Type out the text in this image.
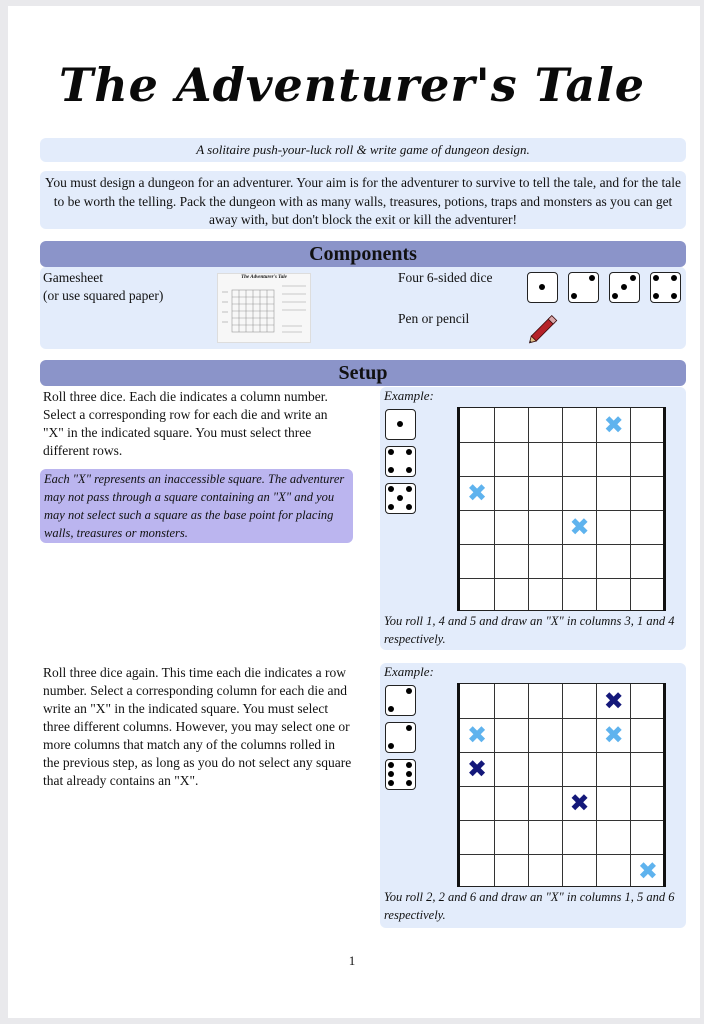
The Adventurer's Tale
A solitaire push-your-luck roll & write game of dungeon design.
You must design a dungeon for an adventurer. Your aim is for the adventurer to survive to tell the tale, and for the tale to be worth the telling. Pack the dungeon with as many walls, treasures, potions, traps and monsters as you can get away with, but don't block the exit or kill the adventurer!
Components
Gamesheet
(or use squared paper)
The Adventurer's Tale	Four 6-sided dice
Pen or pencil
Setup
Roll three dice. Each die indicates a column number. Select a corresponding row for each die and write an "X" in the indicated square. You must select three different rows.
Each "X" represents an inaccessible square. The adventurer may not pass through a square containing an "X" and you may not select such a square as the base point for placing walls, treasures or monsters.
Example:
✖
✖
✖
You roll 1, 4 and 5 and draw an "X" in columns 3, 1 and 4 respectively.
Roll three dice again. This time each die indicates a row number. Select a corresponding column for each die and write an "X" in the indicated square. You must select three different columns. However, you may select one or more columns that match any of the columns rolled in the previous step, as long as you do not select any square that already contains an "X".
Example:
✖
✖	✖
✖
✖
✖
You roll 2, 2 and 6 and draw an "X" in columns 1, 5 and 6 respectively.
1
